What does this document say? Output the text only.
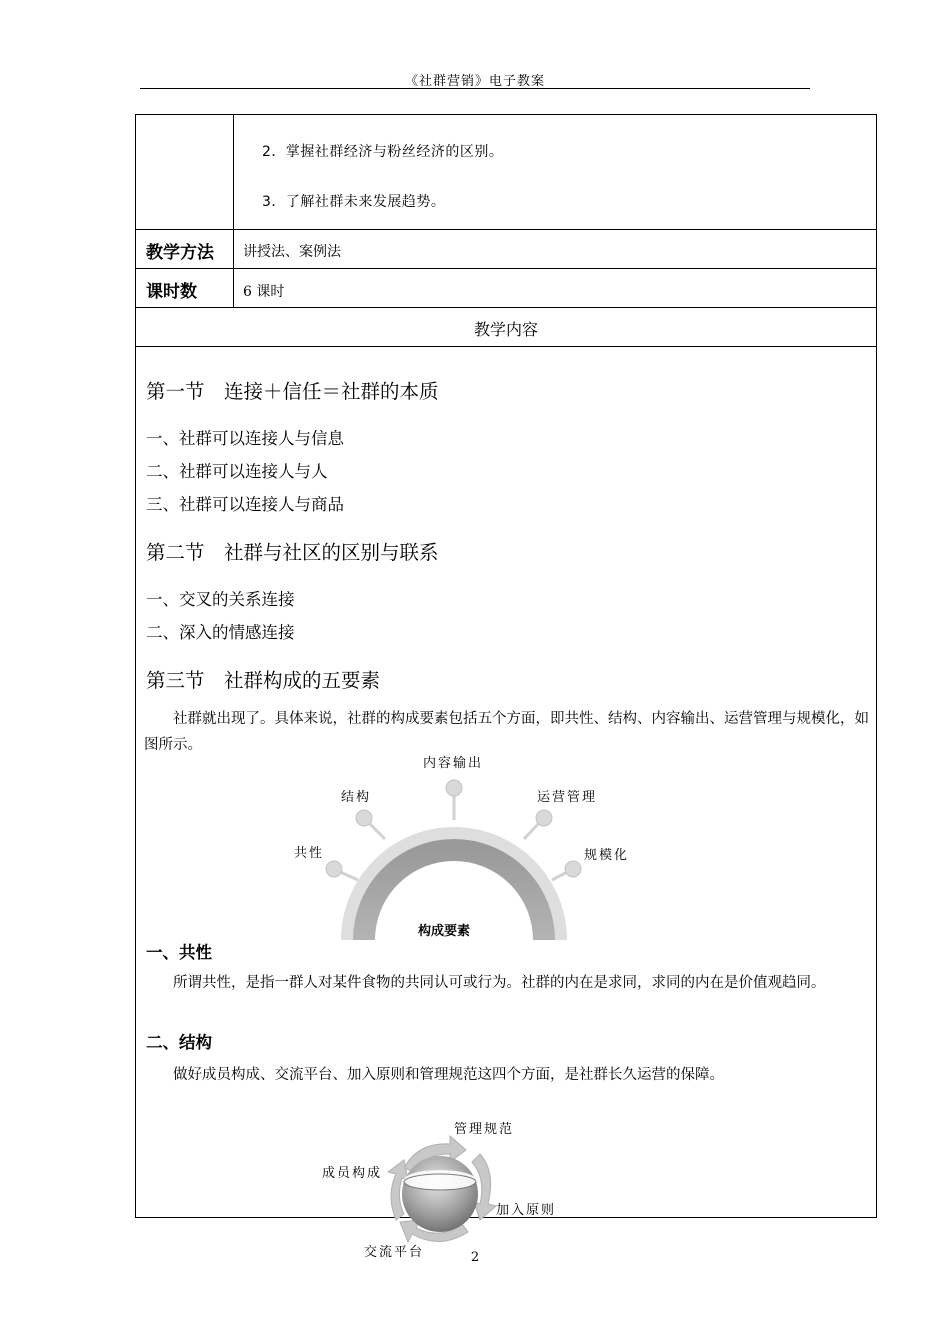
《社群营销》电子教案
2．掌握社群经济与粉丝经济的区别。
3．了解社群未来发展趋势。
教学方法 讲授法、案例法
课时数	6 课时
教学内容
第一节　连接＋信任＝社群的本质
一、社群可以连接人与信息
二、社群可以连接人与人
三、社群可以连接人与商品
第二节　社群与社区的区别与联系
一、交叉的关系连接
二、深入的情感连接
第三节　社群构成的五要素
社群就出现了。具体来说，社群的构成要素包括五个方面，即共性、结构、内容输出、运营管理与规模化，如图所示。
构成要素
内容输出
结构	运营管理
共性	规模化
一、共性
所谓共性，是指一群人对某件食物的共同认可或行为。社群的内在是求同，求同的内在是价值观趋同。
二、结构
做好成员构成、交流平台、加入原则和管理规范这四个方面，是社群长久运营的保障。
管理规范
成员构成
加入原则
交流平台	2
